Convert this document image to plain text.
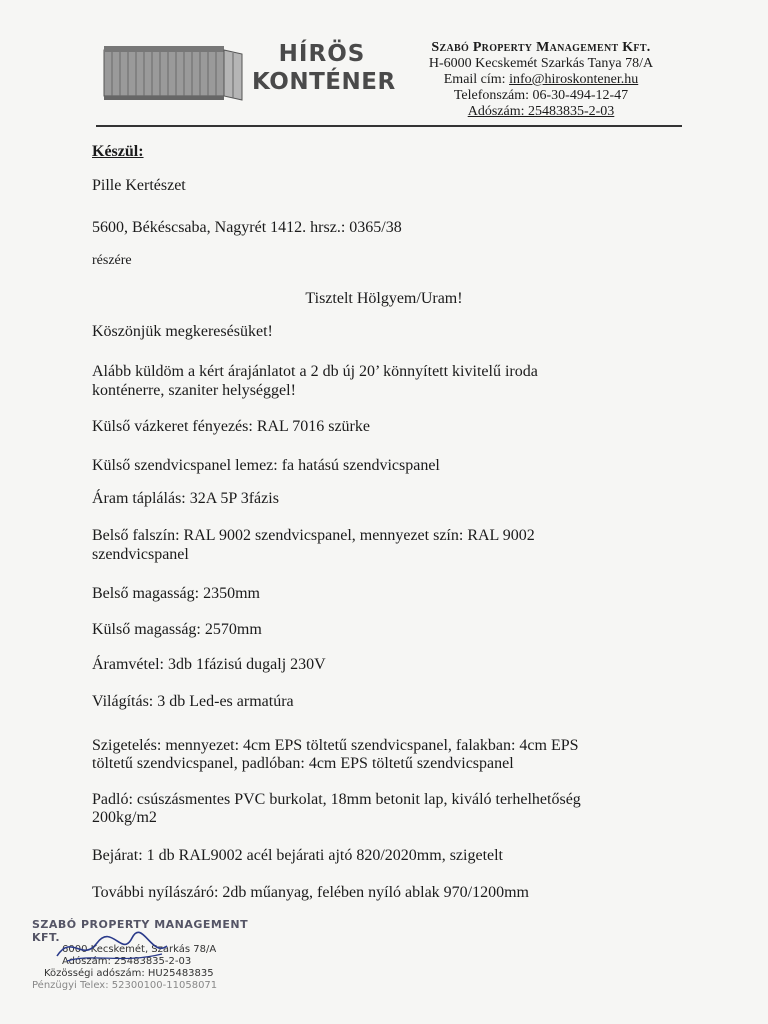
HÍRÖS
KONTÉNER
Szabó Property Management Kft.
H-6000 Kecskemét Szarkás Tanya 78/A
Email cím: info@hiroskontener.hu
Telefonszám: 06-30-494-12-47
Adószám: 25483835-2-03
Készül:
Pille Kertészet
5600, Békéscsaba, Nagyrét 1412. hrsz.: 0365/38
részére
Tisztelt Hölgyem/Uram!
Köszönjük megkeresésüket!
Alább küldöm a kért árajánlatot a 2 db új 20’ könnyített kivitelű iroda
konténerre, szaniter helységgel!
Külső vázkeret fényezés: RAL 7016 szürke
Külső szendvicspanel lemez: fa hatású szendvicspanel
Áram táplálás: 32A 5P 3fázis
Belső falszín: RAL 9002 szendvicspanel, mennyezet szín: RAL 9002
szendvicspanel
Belső magasság: 2350mm
Külső magasság: 2570mm
Áramvétel: 3db 1fázisú dugalj 230V
Világítás: 3 db Led-es armatúra
Szigetelés: mennyezet: 4cm EPS töltetű szendvicspanel, falakban: 4cm EPS
töltetű szendvicspanel, padlóban: 4cm EPS töltetű szendvicspanel
Padló: csúszásmentes PVC burkolat, 18mm betonit lap, kiváló terhelhetőség
200kg/m2
Bejárat: 1 db RAL9002 acél bejárati ajtó 820/2020mm, szigetelt
További nyílászáró: 2db műanyag, felében nyíló ablak 970/1200mm
SZABÓ PROPERTY MANAGEMENT KFT.
6000 Kecskemét, Szarkás 78/A
Adószám: 25483835-2-03
Közösségi adószám: HU25483835
Pénzügyi Telex: 52300100-11058071
